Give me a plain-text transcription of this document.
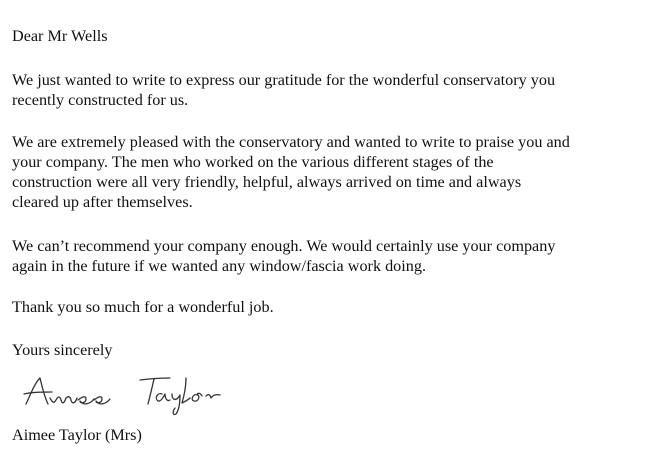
Dear Mr Wells
We just wanted to write to express our gratitude for the wonderful conservatory you
recently constructed for us.
We are extremely pleased with the conservatory and wanted to write to praise you and
your company. The men who worked on the various different stages of the
construction were all very friendly, helpful, always arrived on time and always
cleared up after themselves.
We can’t recommend your company enough. We would certainly use your company
again in the future if we wanted any window/fascia work doing.
Thank you so much for a wonderful job.
Yours sincerely
Aimee Taylor (Mrs)
